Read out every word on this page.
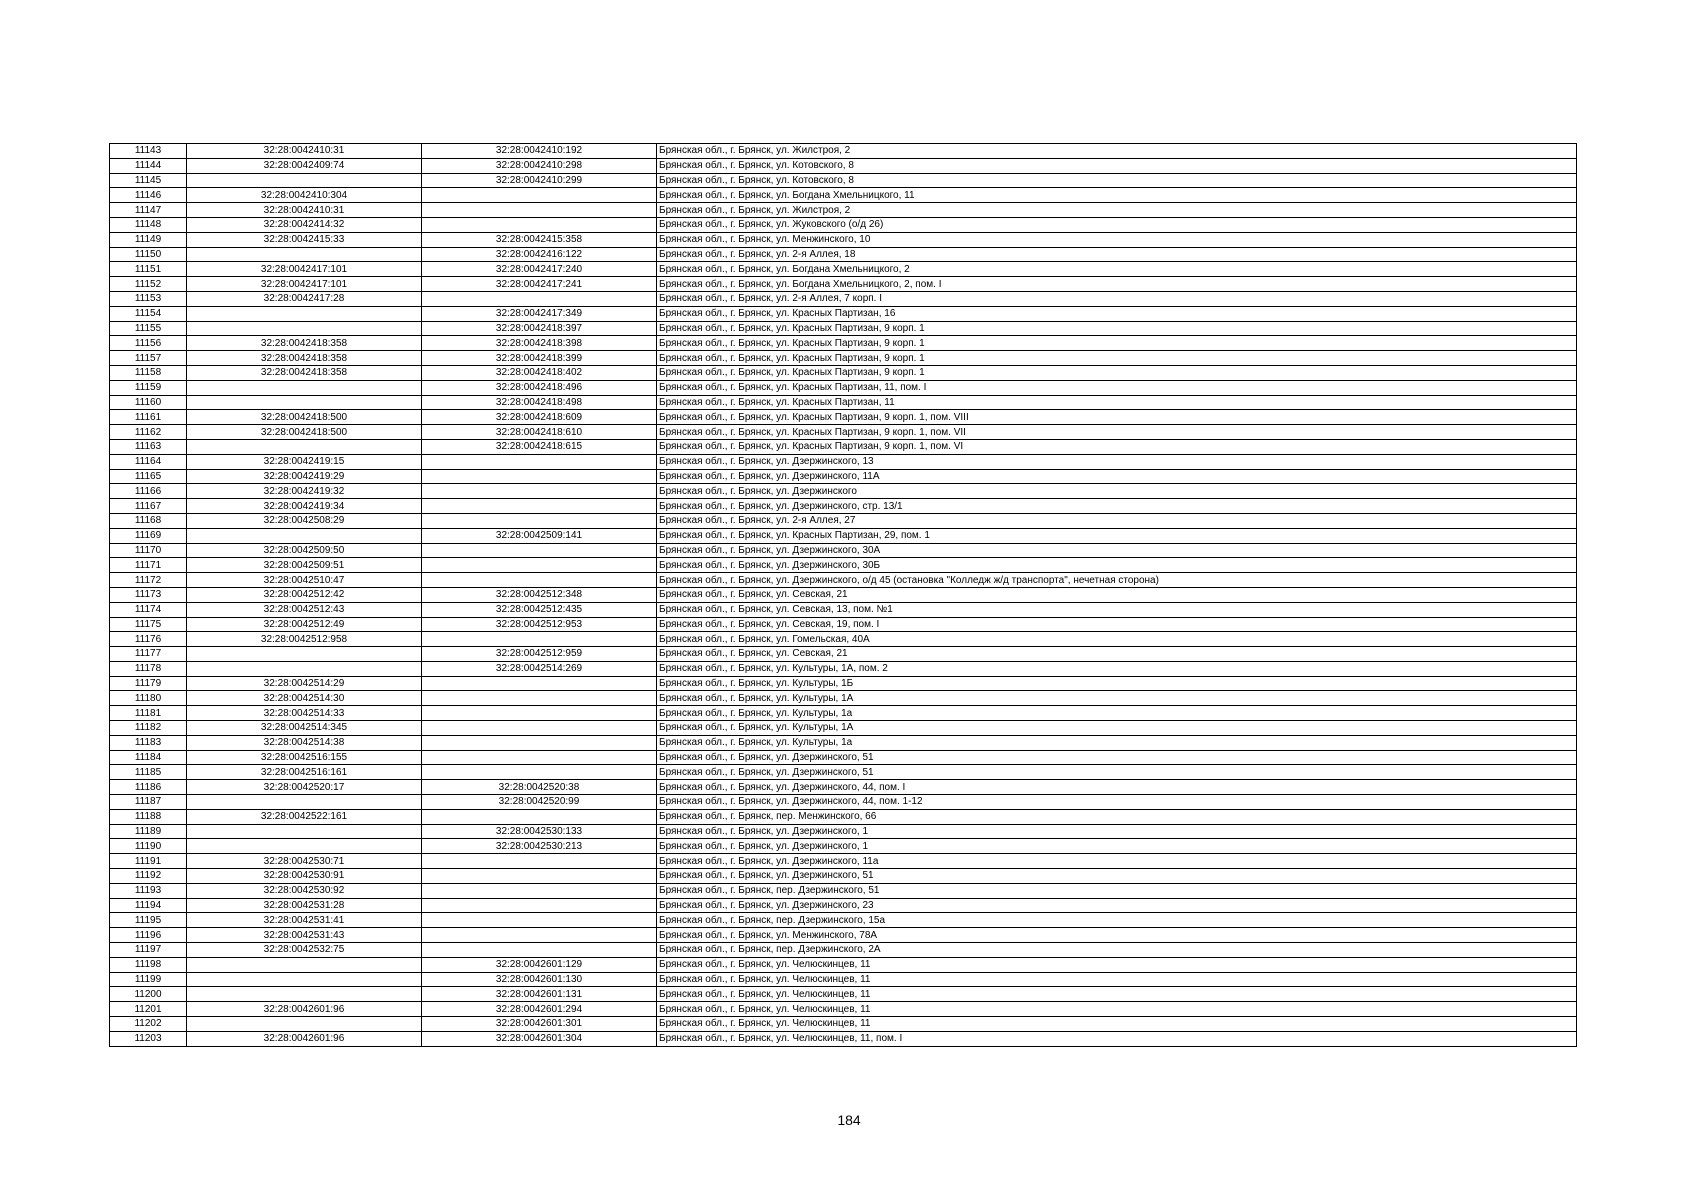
11143	32:28:0042410:31	32:28:0042410:192	Брянская обл., г. Брянск, ул. Жилстроя, 2
11144	32:28:0042409:74	32:28:0042410:298	Брянская обл., г. Брянск, ул. Котовского, 8
11145		32:28:0042410:299	Брянская обл., г. Брянск, ул. Котовского, 8
11146	32:28:0042410:304		Брянская обл., г. Брянск, ул. Богдана Хмельницкого, 11
11147	32:28:0042410:31		Брянская обл., г. Брянск, ул. Жилстроя, 2
11148	32:28:0042414:32		Брянская обл., г. Брянск, ул. Жуковского (о/д 26)
11149	32:28:0042415:33	32:28:0042415:358	Брянская обл., г. Брянск, ул. Менжинского, 10
11150		32:28:0042416:122	Брянская обл., г. Брянск, ул. 2-я Аллея, 18
11151	32:28:0042417:101	32:28:0042417:240	Брянская обл., г. Брянск, ул. Богдана Хмельницкого, 2
11152	32:28:0042417:101	32:28:0042417:241	Брянская обл., г. Брянск, ул. Богдана Хмельницкого, 2, пом. I
11153	32:28:0042417:28		Брянская обл., г. Брянск, ул. 2-я Аллея, 7 корп. I
11154		32:28:0042417:349	Брянская обл., г. Брянск, ул. Красных Партизан, 16
11155		32:28:0042418:397	Брянская обл., г. Брянск, ул. Красных Партизан, 9 корп. 1
11156	32:28:0042418:358	32:28:0042418:398	Брянская обл., г. Брянск, ул. Красных Партизан, 9 корп. 1
11157	32:28:0042418:358	32:28:0042418:399	Брянская обл., г. Брянск, ул. Красных Партизан, 9 корп. 1
11158	32:28:0042418:358	32:28:0042418:402	Брянская обл., г. Брянск, ул. Красных Партизан, 9 корп. 1
11159		32:28:0042418:496	Брянская обл., г. Брянск, ул. Красных Партизан, 11, пом. I
11160		32:28:0042418:498	Брянская обл., г. Брянск, ул. Красных Партизан, 11
11161	32:28:0042418:500	32:28:0042418:609	Брянская обл., г. Брянск, ул. Красных Партизан, 9 корп. 1, пом. VIII
11162	32:28:0042418:500	32:28:0042418:610	Брянская обл., г. Брянск, ул. Красных Партизан, 9 корп. 1, пом. VII
11163		32:28:0042418:615	Брянская обл., г. Брянск, ул. Красных Партизан, 9 корп. 1, пом. VI
11164	32:28:0042419:15		Брянская обл., г. Брянск, ул. Дзержинского, 13
11165	32:28:0042419:29		Брянская обл., г. Брянск, ул. Дзержинского, 11А
11166	32:28:0042419:32		Брянская обл., г. Брянск, ул. Дзержинского
11167	32:28:0042419:34		Брянская обл., г. Брянск, ул. Дзержинского, стр. 13/1
11168	32:28:0042508:29		Брянская обл., г. Брянск, ул. 2-я Аллея, 27
11169		32:28:0042509:141	Брянская обл., г. Брянск, ул. Красных Партизан, 29, пом. 1
11170	32:28:0042509:50		Брянская обл., г. Брянск, ул. Дзержинского, 30А
11171	32:28:0042509:51		Брянская обл., г. Брянск, ул. Дзержинского, 30Б
11172	32:28:0042510:47		Брянская обл., г. Брянск, ул. Дзержинского, о/д 45 (остановка "Колледж ж/д транспорта", нечетная сторона)
11173	32:28:0042512:42	32:28:0042512:348	Брянская обл., г. Брянск, ул. Севская, 21
11174	32:28:0042512:43	32:28:0042512:435	Брянская обл., г. Брянск, ул. Севская, 13, пом. №1
11175	32:28:0042512:49	32:28:0042512:953	Брянская обл., г. Брянск, ул. Севская, 19, пом. I
11176	32:28:0042512:958		Брянская обл., г. Брянск, ул. Гомельская, 40А
11177		32:28:0042512:959	Брянская обл., г. Брянск, ул. Севская, 21
11178		32:28:0042514:269	Брянская обл., г. Брянск, ул. Культуры, 1А, пом. 2
11179	32:28:0042514:29		Брянская обл., г. Брянск, ул. Культуры, 1Б
11180	32:28:0042514:30		Брянская обл., г. Брянск, ул. Культуры, 1А
11181	32:28:0042514:33		Брянская обл., г. Брянск, ул. Культуры, 1а
11182	32:28:0042514:345		Брянская обл., г. Брянск, ул. Культуры, 1А
11183	32:28:0042514:38		Брянская обл., г. Брянск, ул. Культуры, 1а
11184	32:28:0042516:155		Брянская обл., г. Брянск, ул. Дзержинского, 51
11185	32:28:0042516:161		Брянская обл., г. Брянск, ул. Дзержинского, 51
11186	32:28:0042520:17	32:28:0042520:38	Брянская обл., г. Брянск, ул. Дзержинского, 44, пом. I
11187		32:28:0042520:99	Брянская обл., г. Брянск, ул. Дзержинского, 44, пом. 1-12
11188	32:28:0042522:161		Брянская обл., г. Брянск, пер. Менжинского, 66
11189		32:28:0042530:133	Брянская обл., г. Брянск, ул. Дзержинского, 1
11190		32:28:0042530:213	Брянская обл., г. Брянск, ул. Дзержинского, 1
11191	32:28:0042530:71		Брянская обл., г. Брянск, ул. Дзержинского, 11а
11192	32:28:0042530:91		Брянская обл., г. Брянск, ул. Дзержинского, 51
11193	32:28:0042530:92		Брянская обл., г. Брянск, пер. Дзержинского, 51
11194	32:28:0042531:28		Брянская обл., г. Брянск, ул. Дзержинского, 23
11195	32:28:0042531:41		Брянская обл., г. Брянск, пер. Дзержинского, 15а
11196	32:28:0042531:43		Брянская обл., г. Брянск, ул. Менжинского, 78А
11197	32:28:0042532:75		Брянская обл., г. Брянск, пер. Дзержинского, 2А
11198		32:28:0042601:129	Брянская обл., г. Брянск, ул. Челюскинцев, 11
11199		32:28:0042601:130	Брянская обл., г. Брянск, ул. Челюскинцев, 11
11200		32:28:0042601:131	Брянская обл., г. Брянск, ул. Челюскинцев, 11
11201	32:28:0042601:96	32:28:0042601:294	Брянская обл., г. Брянск, ул. Челюскинцев, 11
11202		32:28:0042601:301	Брянская обл., г. Брянск, ул. Челюскинцев, 11
11203	32:28:0042601:96	32:28:0042601:304	Брянская обл., г. Брянск, ул. Челюскинцев, 11, пом. I
184
